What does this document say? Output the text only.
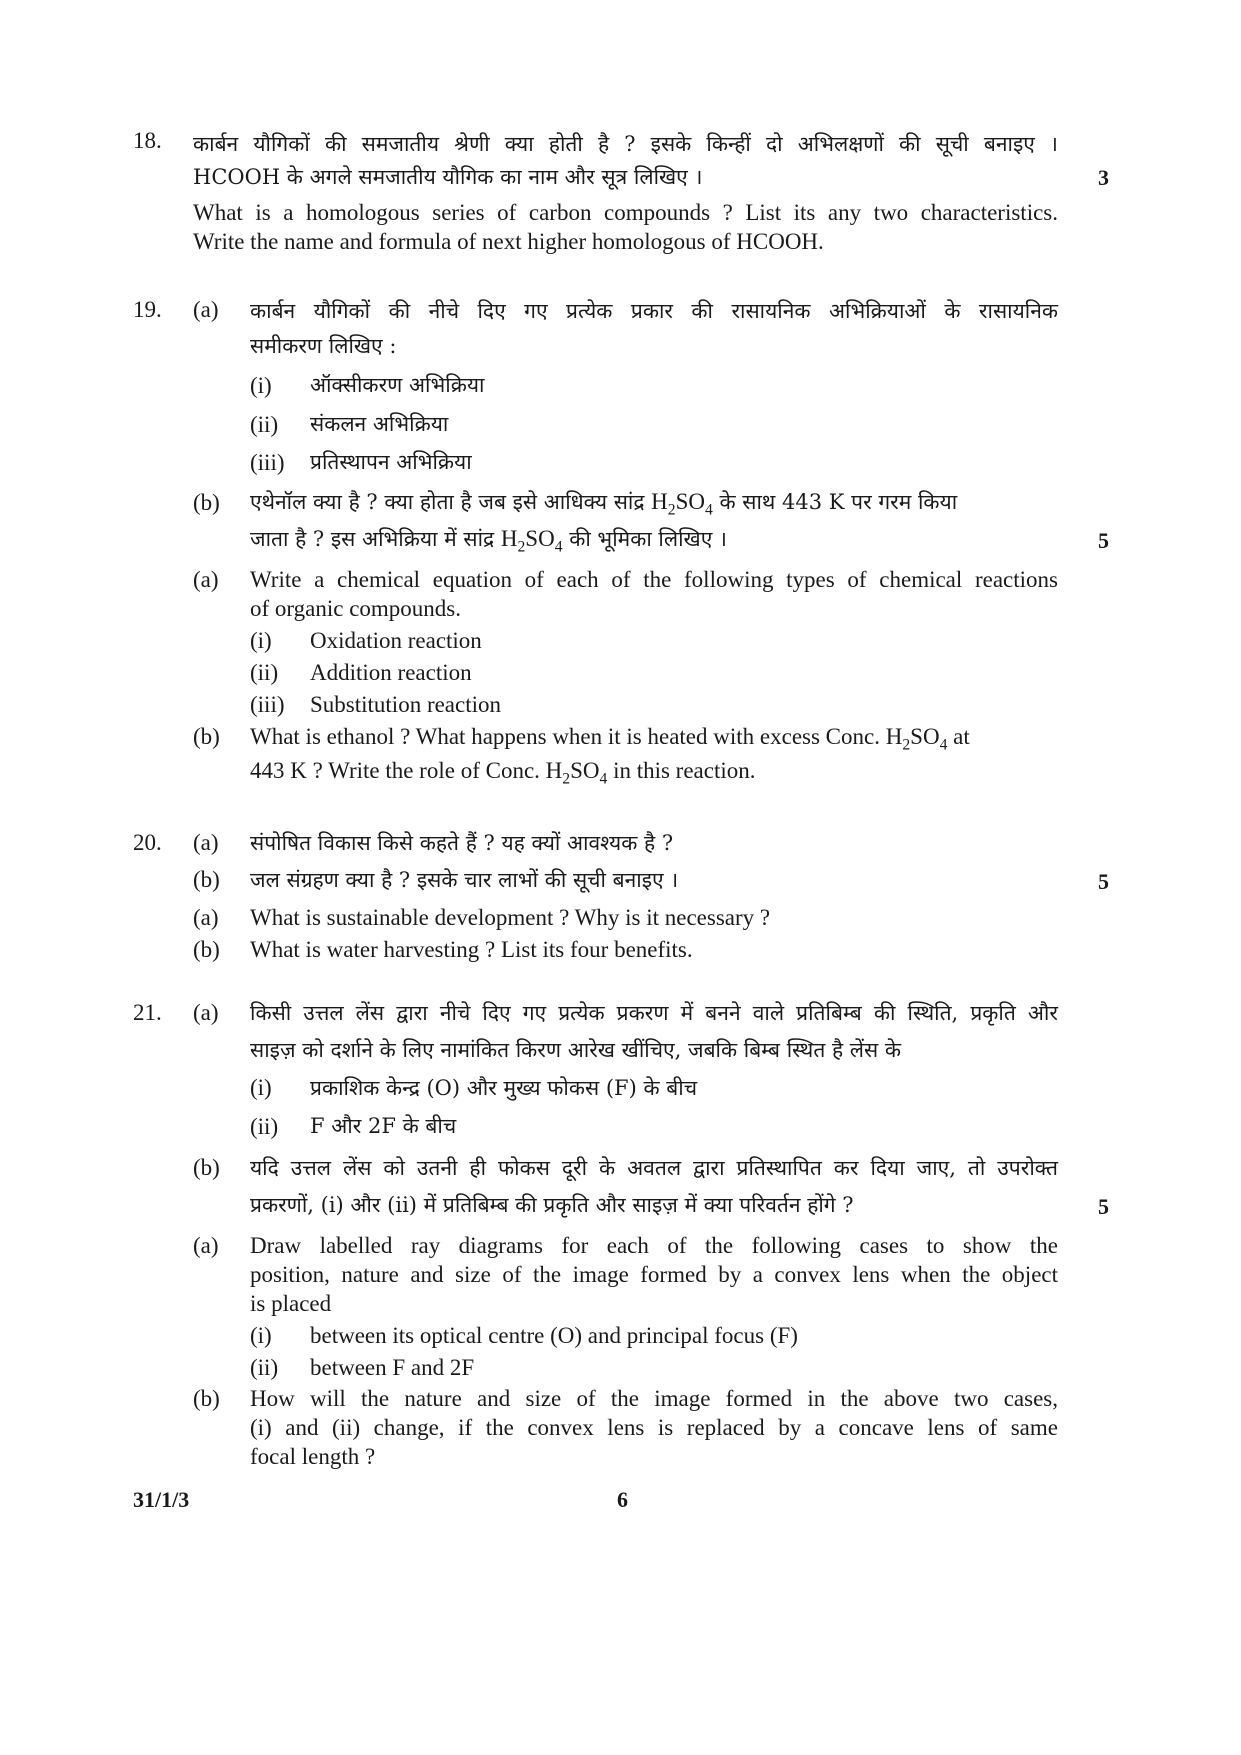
18. कार्बन यौगिकों की समजातीय श्रेणी क्या होती है ? इसके किन्हीं दो अभिलक्षणों की सूची बनाइए ।
HCOOH के अगले समजातीय यौगिक का नाम और सूत्र लिखिए ।	3
What is a homologous series of carbon compounds ? List its any two characteristics.
Write the name and formula of next higher homologous of HCOOH.
19. (a) कार्बन यौगिकों की नीचे दिए गए प्रत्येक प्रकार की रासायनिक अभिक्रियाओं के रासायनिक
समीकरण लिखिए :
(i) ऑक्सीकरण अभिक्रिया
(ii) संकलन अभिक्रिया
(iii) प्रतिस्थापन अभिक्रिया
(b) एथेनॉल क्या है ? क्या होता है जब इसे आधिक्य सांद्र $H_2SO_4$ के साथ 443 K पर गरम किया
जाता है ? इस अभिक्रिया में सांद्र $H_2SO_4$ की भूमिका लिखिए ।	5
(a) Write a chemical equation of each of the following types of chemical reactions
of organic compounds.
(i) Oxidation reaction
(ii) Addition reaction
(iii) Substitution reaction
(b) What is ethanol ? What happens when it is heated with excess Conc. $H_2SO_4$ at
443 K ? Write the role of Conc. $H_2SO_4$ in this reaction.
20. (a) संपोषित विकास किसे कहते हैं ? यह क्यों आवश्यक है ?
(b) जल संग्रहण क्या है ? इसके चार लाभों की सूची बनाइए ।	5
(a) What is sustainable development ? Why is it necessary ?
(b) What is water harvesting ? List its four benefits.
21. (a) किसी उत्तल लेंस द्वारा नीचे दिए गए प्रत्येक प्रकरण में बनने वाले प्रतिबिम्ब की स्थिति, प्रकृति और
साइज़ को दर्शाने के लिए नामांकित किरण आरेख खींचिए, जबकि बिम्ब स्थित है लेंस के
(i) प्रकाशिक केन्द्र (O) और मुख्य फोकस (F) के बीच
(ii) F और 2F के बीच
(b) यदि उत्तल लेंस को उतनी ही फोकस दूरी के अवतल द्वारा प्रतिस्थापित कर दिया जाए, तो उपरोक्त
प्रकरणों, (i) और (ii) में प्रतिबिम्ब की प्रकृति और साइज़ में क्या परिवर्तन होंगे ?	5
(a) Draw labelled ray diagrams for each of the following cases to show the
position, nature and size of the image formed by a convex lens when the object
is placed
(i) between its optical centre (O) and principal focus (F)
(ii) between F and 2F
(b) How will the nature and size of the image formed in the above two cases,
(i) and (ii) change, if the convex lens is replaced by a concave lens of same
focal length ?
31/1/3	6
